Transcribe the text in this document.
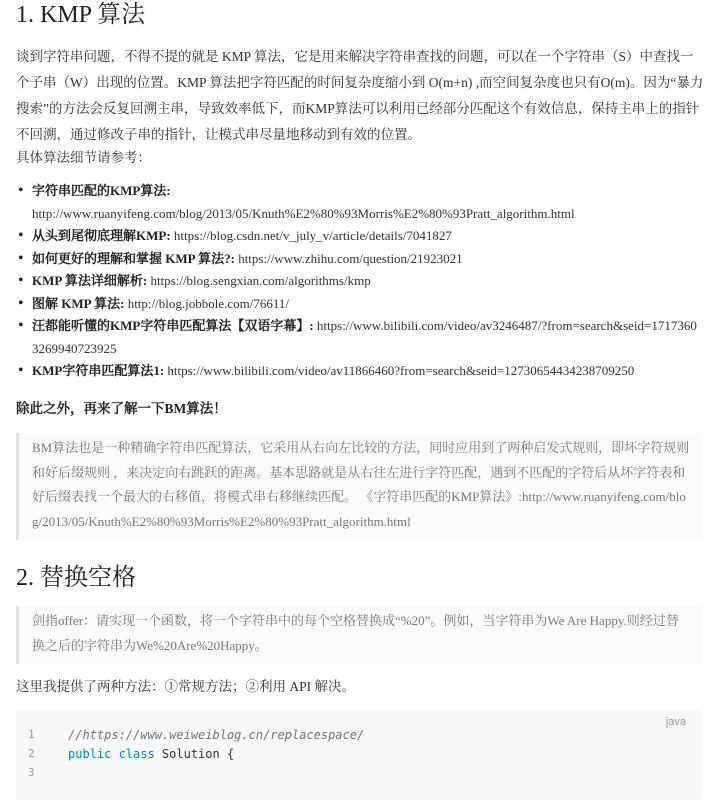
1. KMP 算法
谈到字符串问题，不得不提的就是 KMP 算法，它是用来解决字符串查找的问题，可以在一个字符串（S）中查找一个子串（W）出现的位置。KMP 算法把字符匹配的时间复杂度缩小到 O(m+n) ,而空间复杂度也只有O(m)。因为“暴力搜索”的方法会反复回溯主串，导致效率低下，而KMP算法可以利用已经部分匹配这个有效信息，保持主串上的指针不回溯，通过修改子串的指针，让模式串尽量地移动到有效的位置。
具体算法细节请参考：
• 字符串匹配的KMP算法:
http://www.ruanyifeng.com/blog/2013/05/Knuth%E2%80%93Morris%E2%80%93Pratt_algorithm.html
• 从头到尾彻底理解KMP: https://blog.csdn.net/v_july_v/article/details/7041827
• 如何更好的理解和掌握 KMP 算法?: https://www.zhihu.com/question/21923021
• KMP 算法详细解析: https://blog.sengxian.com/algorithms/kmp
• 图解 KMP 算法: http://blog.jobbole.com/76611/
• 汪都能听懂的KMP字符串匹配算法【双语字幕】: https://www.bilibili.com/video/av3246487/?from=search&seid=17173603269940723925
• KMP字符串匹配算法1: https://www.bilibili.com/video/av11866460?from=search&seid=12730654434238709250
除此之外，再来了解一下BM算法！
BM算法也是一种精确字符串匹配算法，它采用从右向左比较的方法，同时应用到了两种启发式规则，即坏字符规则 和好后缀规则 ，来决定向右跳跃的距离。基本思路就是从右往左进行字符匹配，遇到不匹配的字符后从坏字符表和好后缀表找一个最大的右移值，将模式串右移继续匹配。 《字符串匹配的KMP算法》:http://www.ruanyifeng.com/blog/2013/05/Knuth%E2%80%93Morris%E2%80%93Pratt_algorithm.html
2. 替换空格
剑指offer：请实现一个函数，将一个字符串中的每个空格替换成“%20”。例如，当字符串为We Are Happy.则经过替换之后的字符串为We%20Are%20Happy。
这里我提供了两种方法：①常规方法；②利用 API 解决。
java
1	//https://www.weiweiblog.cn/replacespace/
2	public class Solution {
3
